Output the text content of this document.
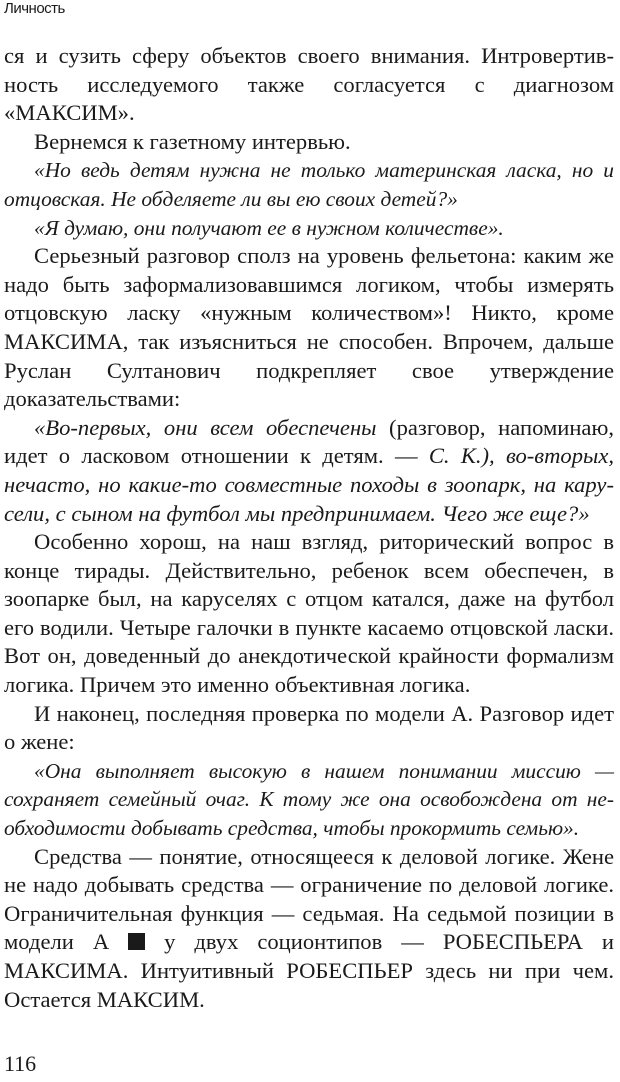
Личность

ся и сузить сферу объектов своего внимания. Интровертивность исследуемого также согласуется с диагнозом «МАКСИМ».

Вернемся к газетному интервью.

«Но ведь детям нужна не только материнская ласка, но и отцовская. Не обделяете ли вы ею своих детей?»

«Я думаю, они получают ее в нужном количестве».

Серьезный разговор сполз на уровень фельетона: каким же надо быть заформализовавшимся логиком, чтобы измерять отцовскую ласку «нужным количеством»! Никто, кроме МАКСИМА, так изъясниться не способен. Впрочем, дальше Руслан Султанович подкрепляет свое утверждение доказательствами:

«Во-первых, они всем обеспечены (разговор, напоминаю, идет о ласковом отношении к детям. — С. К.), во-вторых, нечасто, но какие-то совместные походы в зоопарк, на карусели, с сыном на футбол мы предпринимаем. Чего же еще?»

Особенно хорош, на наш взгляд, риторический вопрос в конце тирады. Действительно, ребенок всем обеспечен, в зоопарке был, на каруселях с отцом катался, даже на футбол его водили. Четыре галочки в пункте касаемо отцовской ласки. Вот он, доведенный до анекдотической крайности формализм логика. Причем это именно объективная логика.

И наконец, последняя проверка по модели А. Разговор идет о жене:

«Она выполняет высокую в нашем понимании миссию — сохраняет семейный очаг. К тому же она освобождена от необходимости добывать средства, чтобы прокормить семью».

Средства — понятие, относящееся к деловой логике. Жене не надо добывать средства — ограничение по деловой логике. Ограничительная функция — седьмая. На седьмой позиции в модели А  у двух соционтипов — РОБЕСПЬЕРА и МАКСИМА. Интуитивный РОБЕСПЬЕР здесь ни при чем. Остается МАКСИМ.

116
